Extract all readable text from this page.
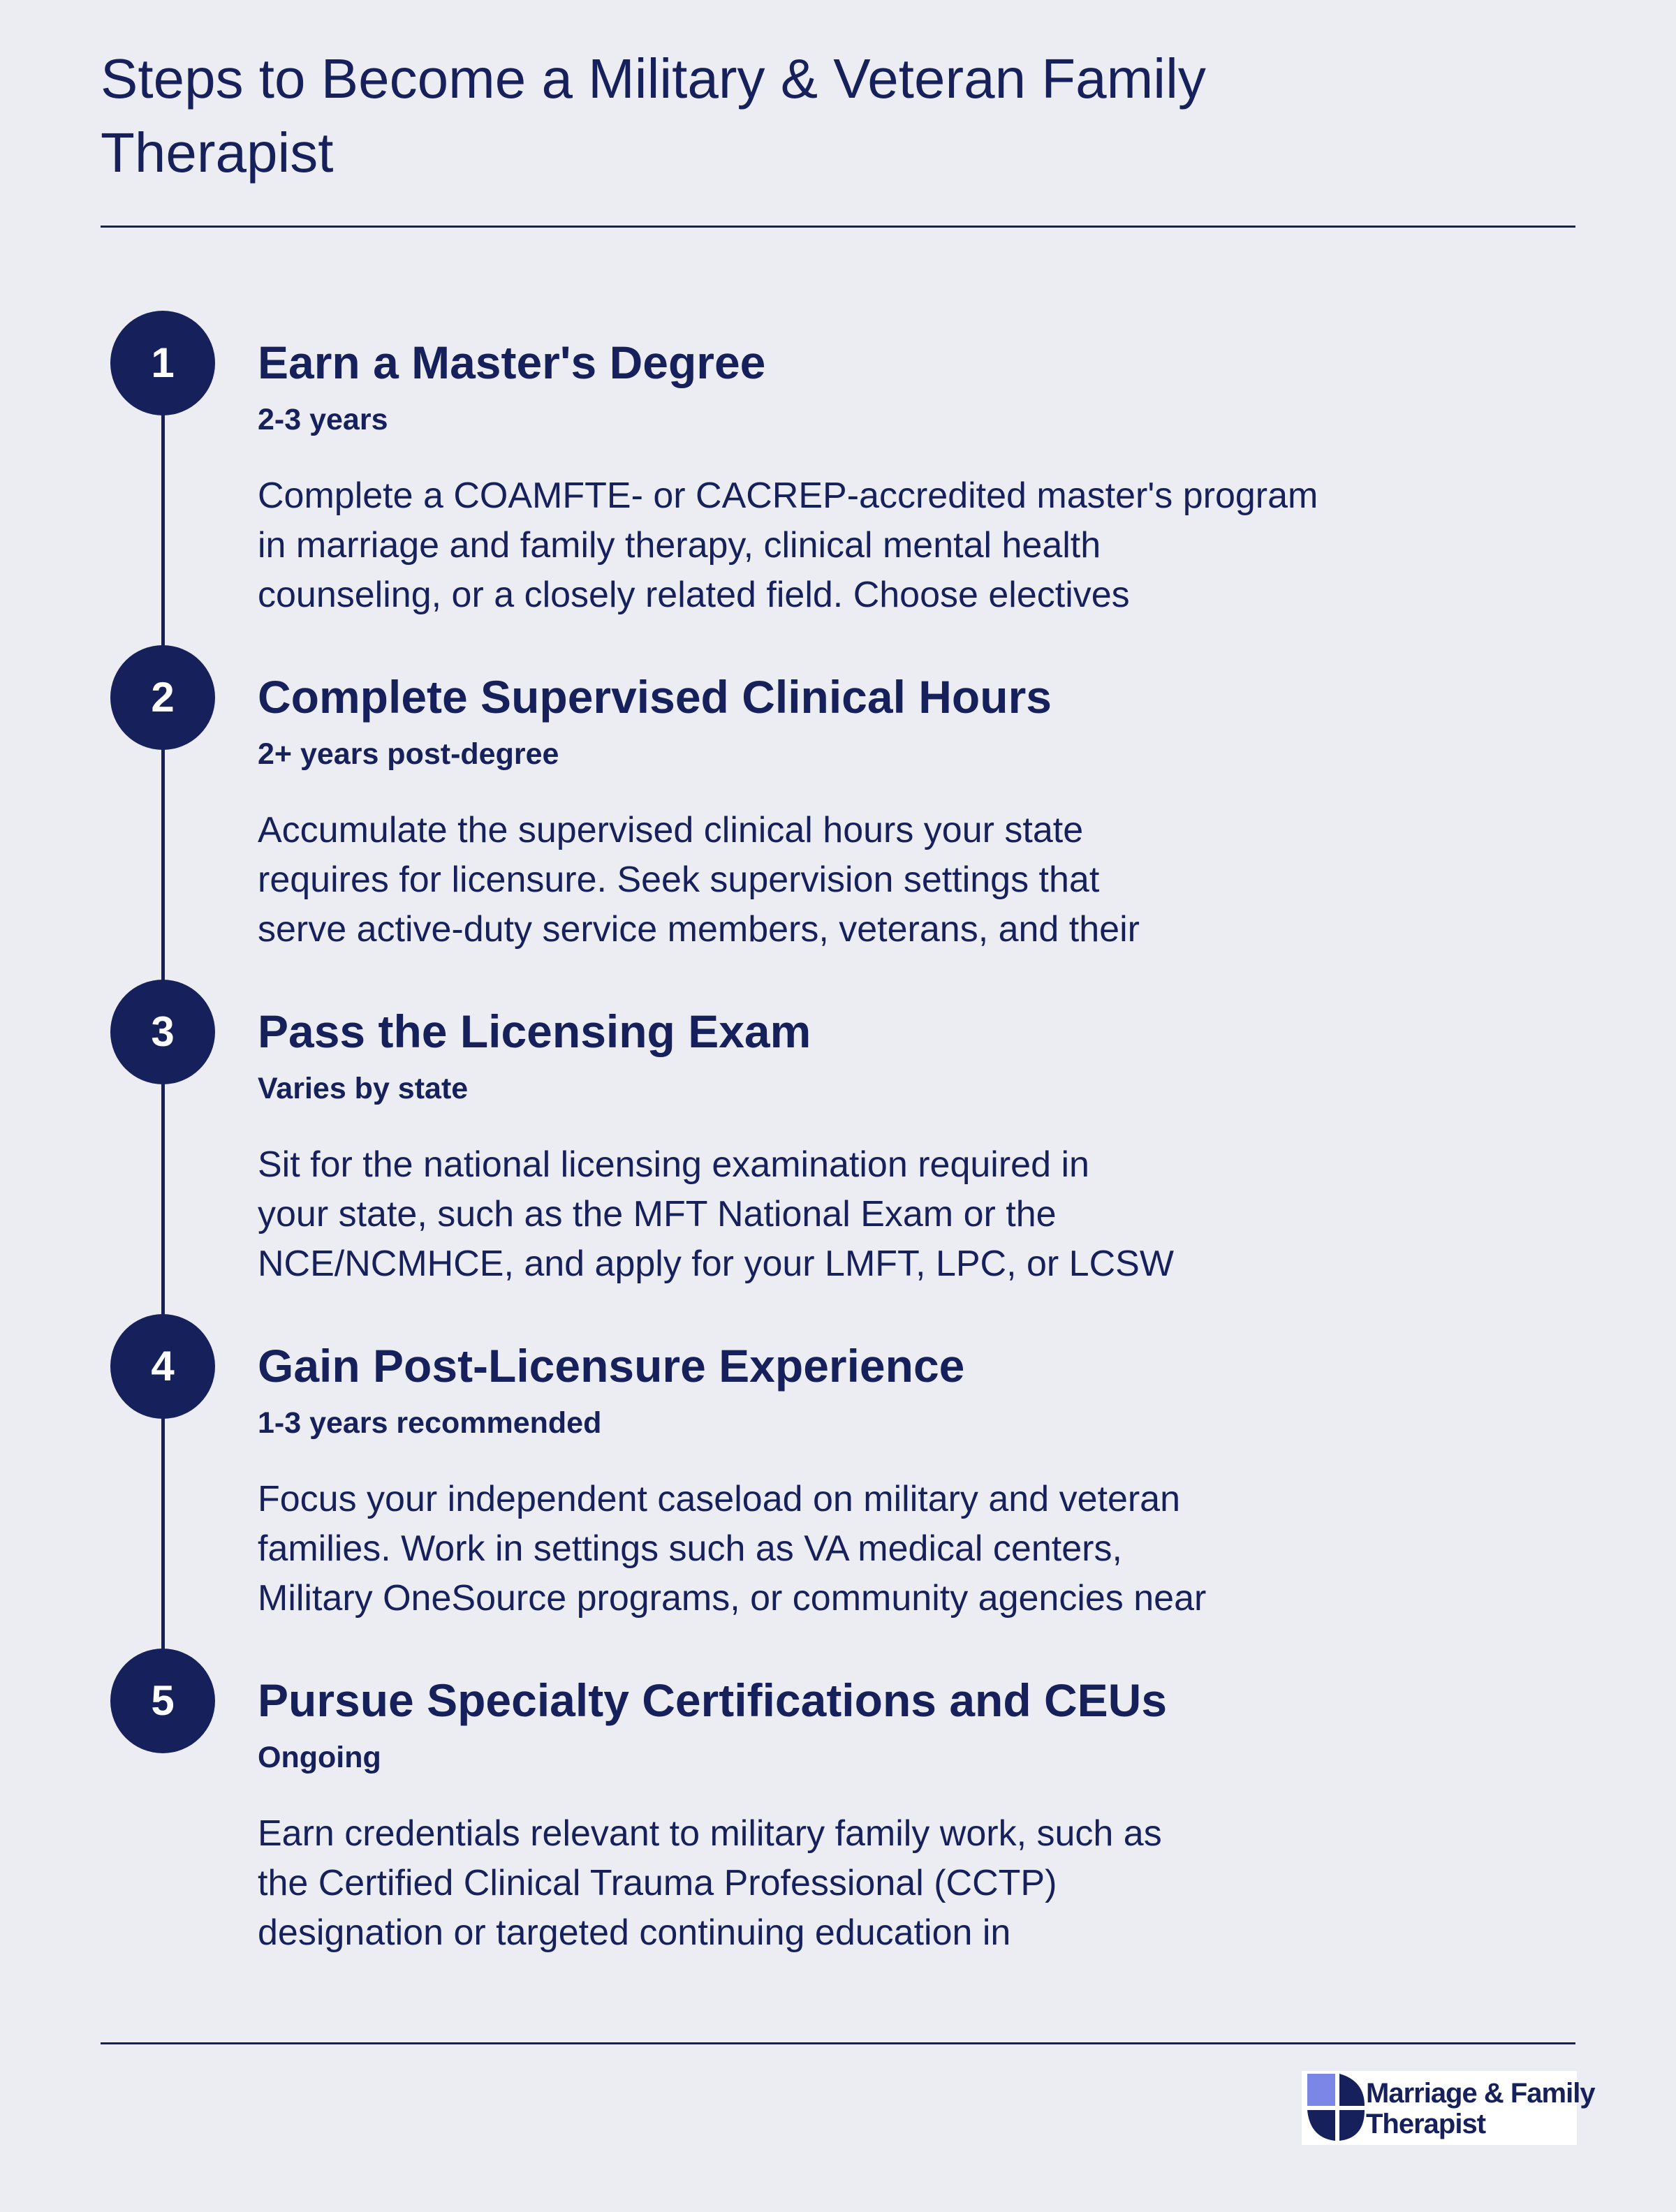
Steps to Become a Military & Veteran Family Therapist
1	Earn a Master's Degree
2-3 years
Complete a COAMFTE- or CACREP-accredited master's program
in marriage and family therapy, clinical mental health
counseling, or a closely related field. Choose electives
2	Complete Supervised Clinical Hours
2+ years post-degree
Accumulate the supervised clinical hours your state
requires for licensure. Seek supervision settings that
serve active-duty service members, veterans, and their
3	Pass the Licensing Exam
Varies by state
Sit for the national licensing examination required in
your state, such as the MFT National Exam or the
NCE/NCMHCE, and apply for your LMFT, LPC, or LCSW
4	Gain Post-Licensure Experience
1-3 years recommended
Focus your independent caseload on military and veteran
families. Work in settings such as VA medical centers,
Military OneSource programs, or community agencies near
5	Pursue Specialty Certifications and CEUs
Ongoing
Earn credentials relevant to military family work, such as
the Certified Clinical Trauma Professional (CCTP)
designation or targeted continuing education in
Marriage & Family
Therapist
